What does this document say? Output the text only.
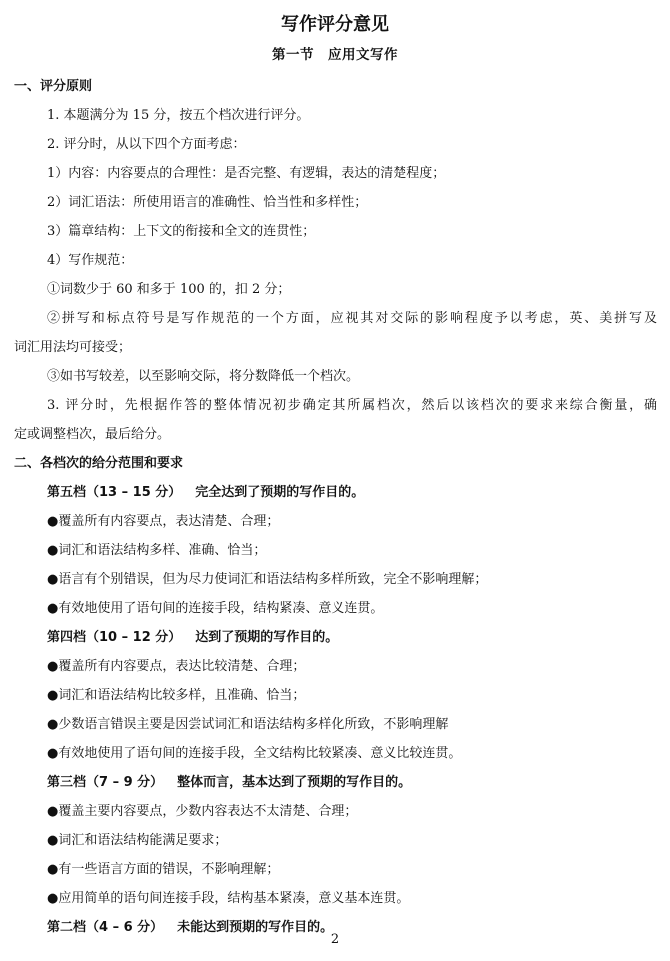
写作评分意见
第一节　应用文写作
一、评分原则
1. 本题满分为 15 分，按五个档次进行评分。
2. 评分时，从以下四个方面考虑：
1）内容：内容要点的合理性：是否完整、有逻辑，表达的清楚程度；
2）词汇语法：所使用语言的准确性、恰当性和多样性；
3）篇章结构：上下文的衔接和全文的连贯性；
4）写作规范：
①词数少于 60 和多于 100 的，扣 2 分；
②拼写和标点符号是写作规范的一个方面，应视其对交际的影响程度予以考虑，英、美拼写及
词汇用法均可接受；
③如书写较差，以至影响交际，将分数降低一个档次。
3. 评分时，先根据作答的整体情况初步确定其所属档次，然后以该档次的要求来综合衡量，确
定或调整档次，最后给分。
二、各档次的给分范围和要求
第五档（13 – 15 分） 完全达到了预期的写作目的。
●覆盖所有内容要点，表达清楚、合理；
●词汇和语法结构多样、准确、恰当；
●语言有个别错误，但为尽力使词汇和语法结构多样所致，完全不影响理解；
●有效地使用了语句间的连接手段，结构紧凑、意义连贯。
第四档（10 – 12 分） 达到了预期的写作目的。
●覆盖所有内容要点，表达比较清楚、合理；
●词汇和语法结构比较多样，且准确、恰当；
●少数语言错误主要是因尝试词汇和语法结构多样化所致，不影响理解
●有效地使用了语句间的连接手段，全文结构比较紧凑、意义比较连贯。
第三档（7 – 9 分） 整体而言，基本达到了预期的写作目的。
●覆盖主要内容要点，少数内容表达不太清楚、合理；
●词汇和语法结构能满足要求；
●有一些语言方面的错误，不影响理解；
●应用简单的语句间连接手段，结构基本紧凑，意义基本连贯。
第二档（4 – 6 分） 未能达到预期的写作目的。
2
